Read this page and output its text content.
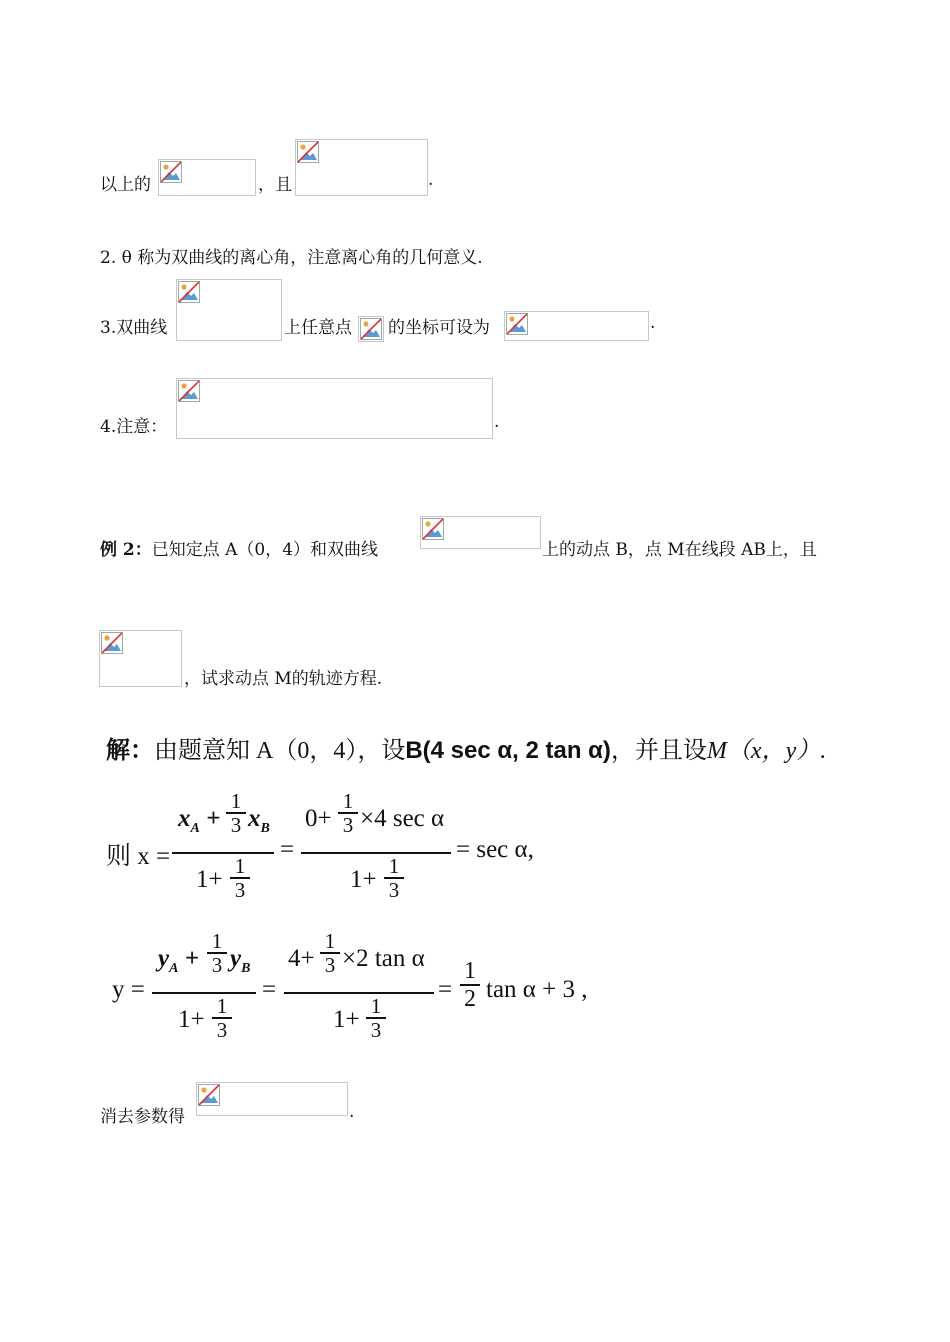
以上的	，且	.
2. θ 称为双曲线的离心角，注意离心角的几何意义.
3.双曲线	上任意点 的坐标可设为	.
4.注意：	.
例 2：已知定点 A（0，4）和双曲线	上的动点 B，点 M在线段 AB上，且
，试求动点 M的轨迹方程.
解：由题意知 A（0，4），设B(4 sec α, 2 tan α)，并且设M（x，y）.
则 x =
$x_A + \frac{1}{3} x_B$
$1+ \frac{1}{3}$
=
$0+ \frac{1}{3} \times 4$ sec α
$1+ \frac{1}{3}$
= sec α,
y =
$y_A + \frac{1}{3} y_B$
$1+ \frac{1}{3}$
=
$4+ \frac{1}{3} \times 2$ tan α
$1+ \frac{1}{3}$
= $\frac{1}{2}$ tan α + 3 ,
消去参数得	.
